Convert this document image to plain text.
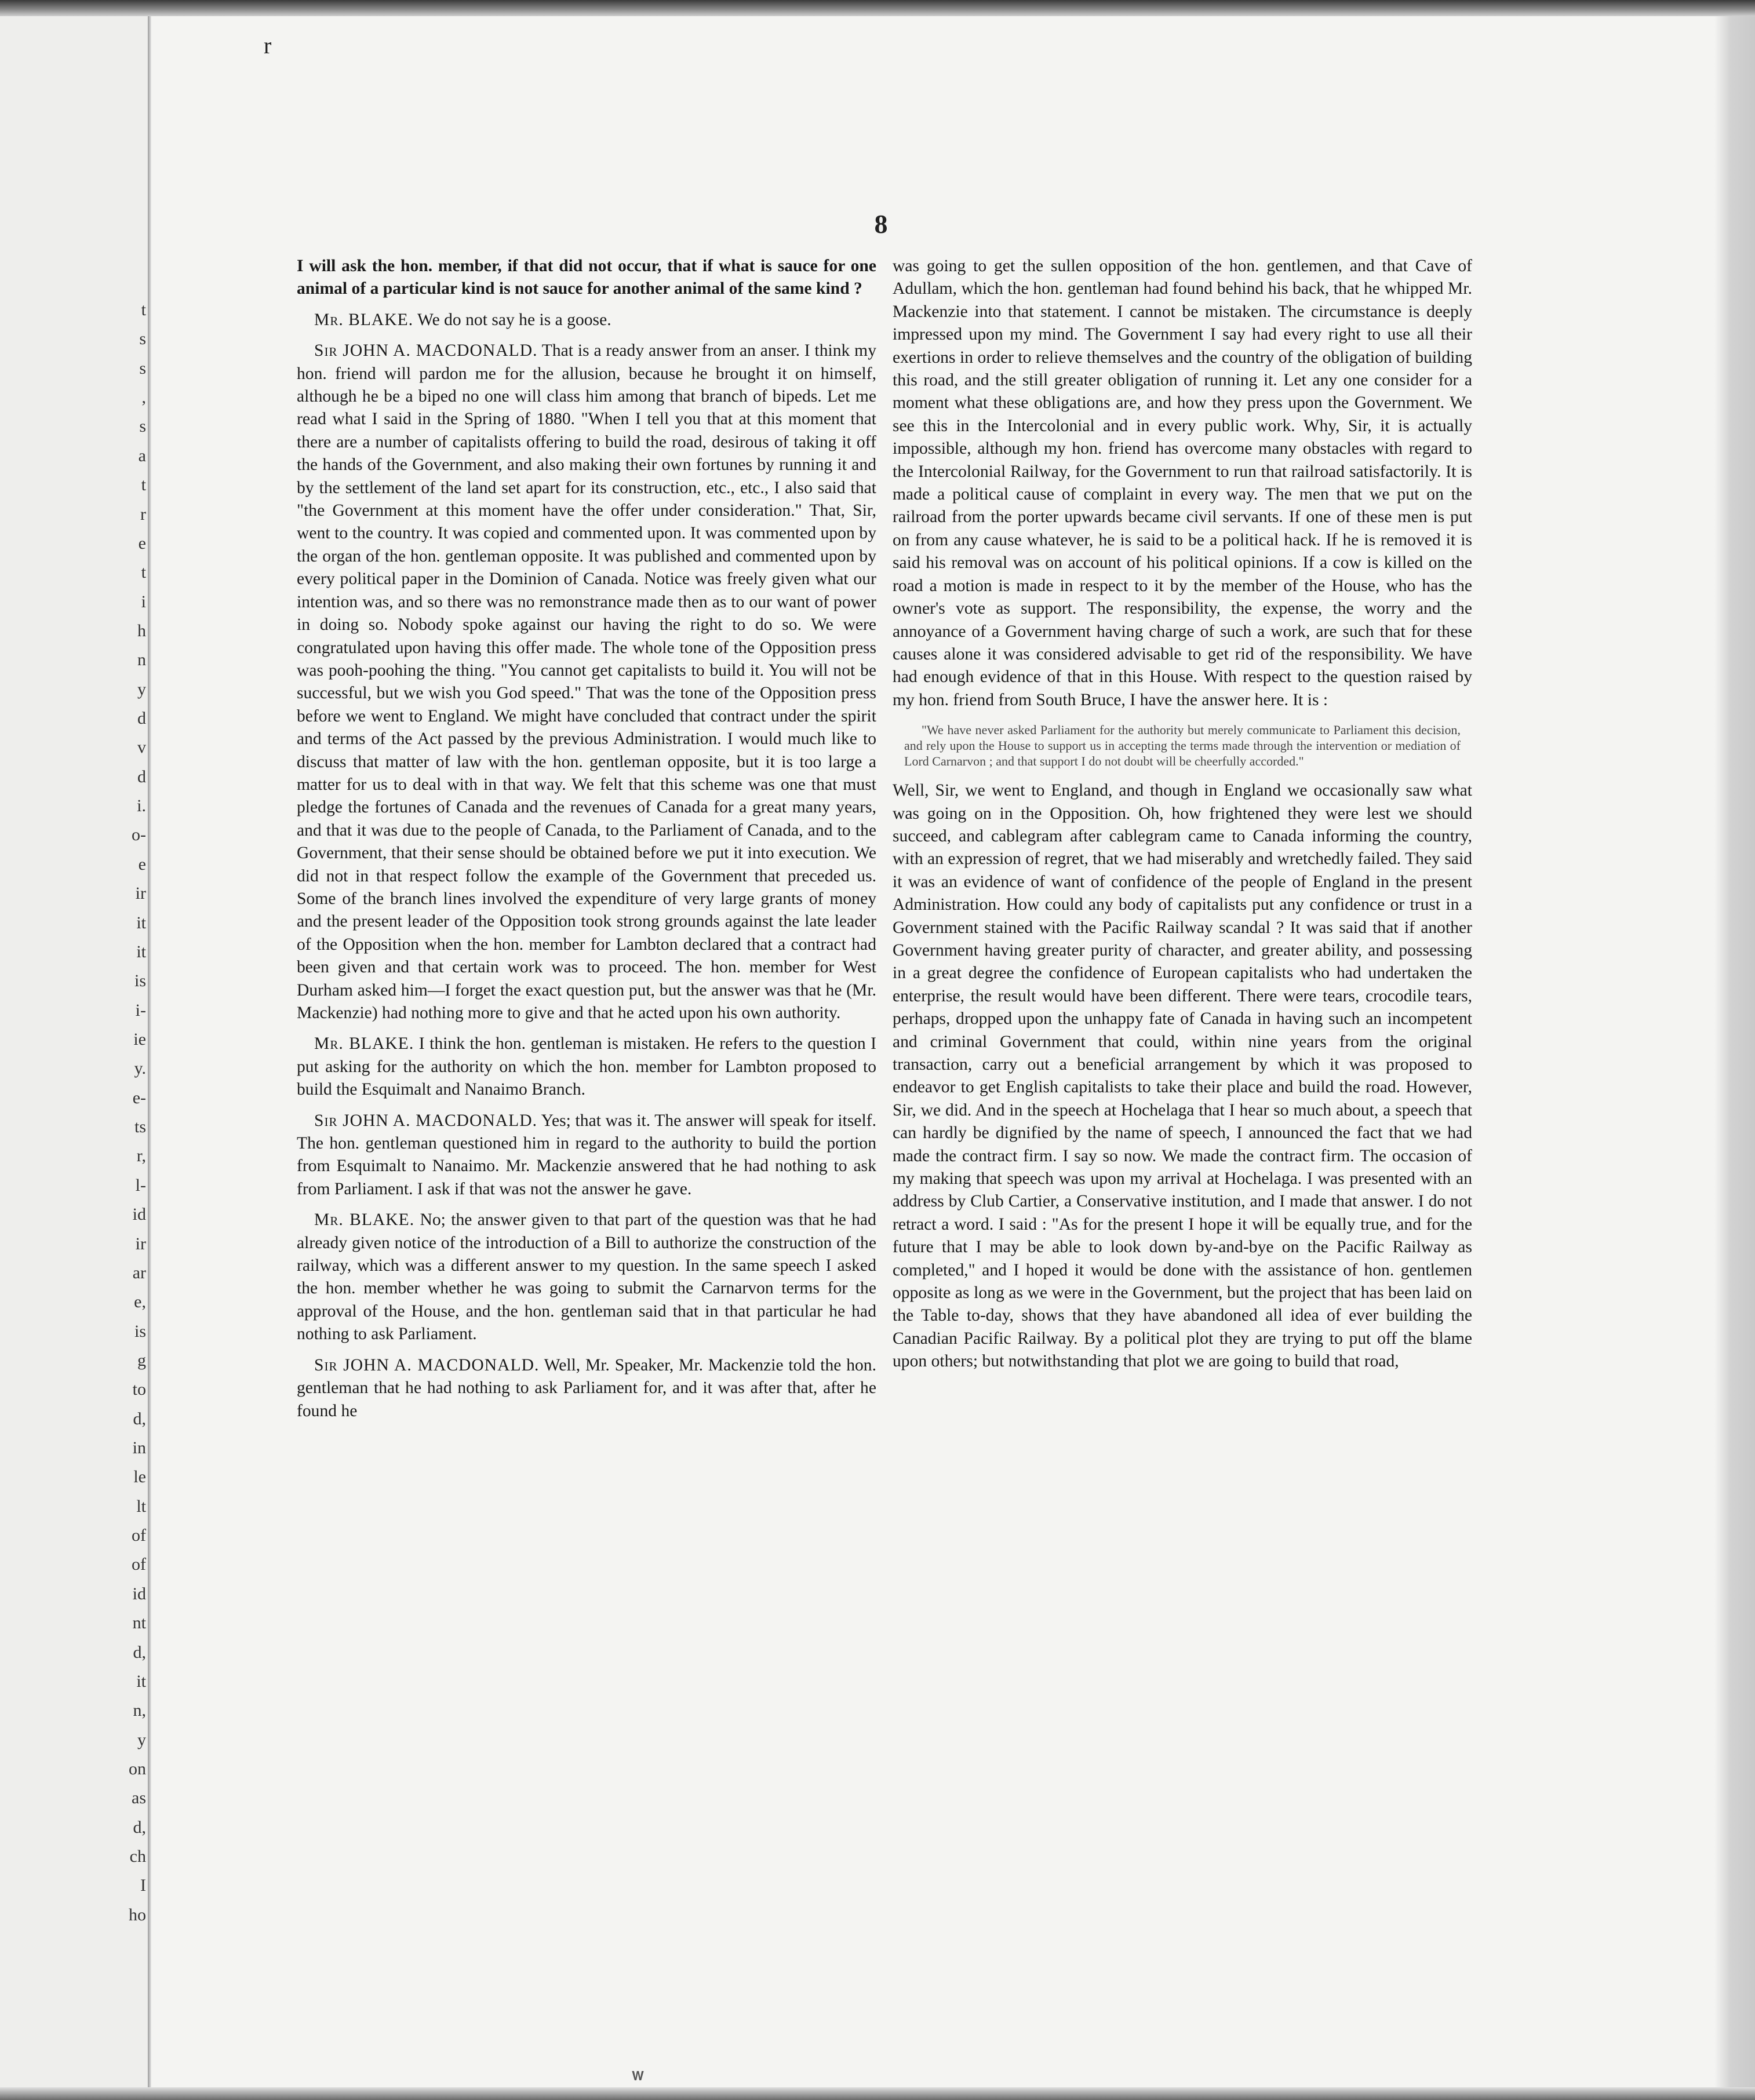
r
𝐖
t
s
s
,
s
a
t
r
e
t
i
h
n
y
d
v
d
i.
o-
e
ir
it
it
is
i-
ie
y.
e-
ts
r,
l-
id
ir
ar
e,
is
g
to
d,
in
le
lt
of
of
id
nt
d,
it
n,
y
on
as
d,
ch
I
ho
8

I will ask the hon. member, if that did not occur, that if what is sauce for one animal of a particular kind is not sauce for another animal of the same kind ?

Mr. BLAKE. We do not say he is a goose.

Sir JOHN A. MACDONALD. That is a ready answer from an anser. I think my hon. friend will pardon me for the allusion, because he brought it on himself, although he be a biped no one will class him among that branch of bipeds. Let me read what I said in the Spring of 1880. "When I tell you that at this moment that there are a number of capitalists offering to build the road, desirous of taking it off the hands of the Government, and also making their own fortunes by running it and by the settlement of the land set apart for its construction, etc., etc., I also said that "the Government at this moment have the offer under consideration." That, Sir, went to the country. It was copied and commented upon. It was commented upon by the organ of the hon. gentleman opposite. It was published and commented upon by every political paper in the Dominion of Canada. Notice was freely given what our intention was, and so there was no remonstrance made then as to our want of power in doing so. Nobody spoke against our having the right to do so. We were congratulated upon having this offer made. The whole tone of the Opposition press was pooh-poohing the thing. "You cannot get capitalists to build it. You will not be successful, but we wish you God speed." That was the tone of the Opposition press before we went to England. We might have concluded that contract under the spirit and terms of the Act passed by the previous Administration. I would much like to discuss that matter of law with the hon. gentleman opposite, but it is too large a matter for us to deal with in that way. We felt that this scheme was one that must pledge the fortunes of Canada and the revenues of Canada for a great many years, and that it was due to the people of Canada, to the Parliament of Canada, and to the Government, that their sense should be obtained before we put it into execution. We did not in that respect follow the example of the Government that preceded us. Some of the branch lines involved the expenditure of very large grants of money and the present leader of the Opposition took strong grounds against the late leader of the Opposition when the hon. member for Lambton declared that a contract had been given and that certain work was to proceed. The hon. member for West Durham asked him—I forget the exact question put, but the answer was that he (Mr. Mackenzie) had nothing more to give and that he acted upon his own authority.

Mr. BLAKE. I think the hon. gentleman is mistaken. He refers to the question I put asking for the authority on which the hon. member for Lambton proposed to build the Esquimalt and Nanaimo Branch.

Sir JOHN A. MACDONALD. Yes; that was it. The answer will speak for itself. The hon. gentleman questioned him in regard to the authority to build the portion from Esquimalt to Nanaimo. Mr. Mackenzie answered that he had nothing to ask from Parliament. I ask if that was not the answer he gave.

Mr. BLAKE. No; the answer given to that part of the question was that he had already given notice of the introduction of a Bill to authorize the construction of the railway, which was a different answer to my question. In the same speech I asked the hon. member whether he was going to submit the Carnarvon terms for the approval of the House, and the hon. gentleman said that in that particular he had nothing to ask Parliament.

Sir JOHN A. MACDONALD. Well, Mr. Speaker, Mr. Mackenzie told the hon. gentleman that he had nothing to ask Parliament for, and it was after that, after he found he

was going to get the sullen opposition of the hon. gentlemen, and that Cave of Adullam, which the hon. gentleman had found behind his back, that he whipped Mr. Mackenzie into that statement. I cannot be mistaken. The circumstance is deeply impressed upon my mind. The Government I say had every right to use all their exertions in order to relieve themselves and the country of the obligation of building this road, and the still greater obligation of running it. Let any one consider for a moment what these obligations are, and how they press upon the Government. We see this in the Intercolonial and in every public work. Why, Sir, it is actually impossible, although my hon. friend has overcome many obstacles with regard to the Intercolonial Railway, for the Government to run that railroad satisfactorily. It is made a political cause of complaint in every way. The men that we put on the railroad from the porter upwards became civil servants. If one of these men is put on from any cause whatever, he is said to be a political hack. If he is removed it is said his removal was on account of his political opinions. If a cow is killed on the road a motion is made in respect to it by the member of the House, who has the owner's vote as support. The responsibility, the expense, the worry and the annoyance of a Government having charge of such a work, are such that for these causes alone it was considered advisable to get rid of the responsibility. We have had enough evidence of that in this House. With respect to the question raised by my hon. friend from South Bruce, I have the answer here. It is :

"We have never asked Parliament for the authority but merely communicate to Parliament this decision, and rely upon the House to support us in accepting the terms made through the intervention or mediation of Lord Carnarvon ; and that support I do not doubt will be cheerfully accorded."

Well, Sir, we went to England, and though in England we occasionally saw what was going on in the Opposition. Oh, how frightened they were lest we should succeed, and cablegram after cablegram came to Canada informing the country, with an expression of regret, that we had miserably and wretchedly failed. They said it was an evidence of want of confidence of the people of England in the present Administration. How could any body of capitalists put any confidence or trust in a Government stained with the Pacific Railway scandal ? It was said that if another Government having greater purity of character, and greater ability, and possessing in a great degree the confidence of European capitalists who had undertaken the enterprise, the result would have been different. There were tears, crocodile tears, perhaps, dropped upon the unhappy fate of Canada in having such an incompetent and criminal Government that could, within nine years from the original transaction, carry out a beneficial arrangement by which it was proposed to endeavor to get English capitalists to take their place and build the road. However, Sir, we did. And in the speech at Hochelaga that I hear so much about, a speech that can hardly be dignified by the name of speech, I announced the fact that we had made the contract firm. I say so now. We made the contract firm. The occasion of my making that speech was upon my arrival at Hochelaga. I was presented with an address by Club Cartier, a Conservative institution, and I made that answer. I do not retract a word. I said : "As for the present I hope it will be equally true, and for the future that I may be able to look down by-and-bye on the Pacific Railway as completed," and I hoped it would be done with the assistance of hon. gentlemen opposite as long as we were in the Government, but the project that has been laid on the Table to-day, shows that they have abandoned all idea of ever building the Canadian Pacific Railway. By a political plot they are trying to put off the blame upon others; but notwithstanding that plot we are going to build that road,
